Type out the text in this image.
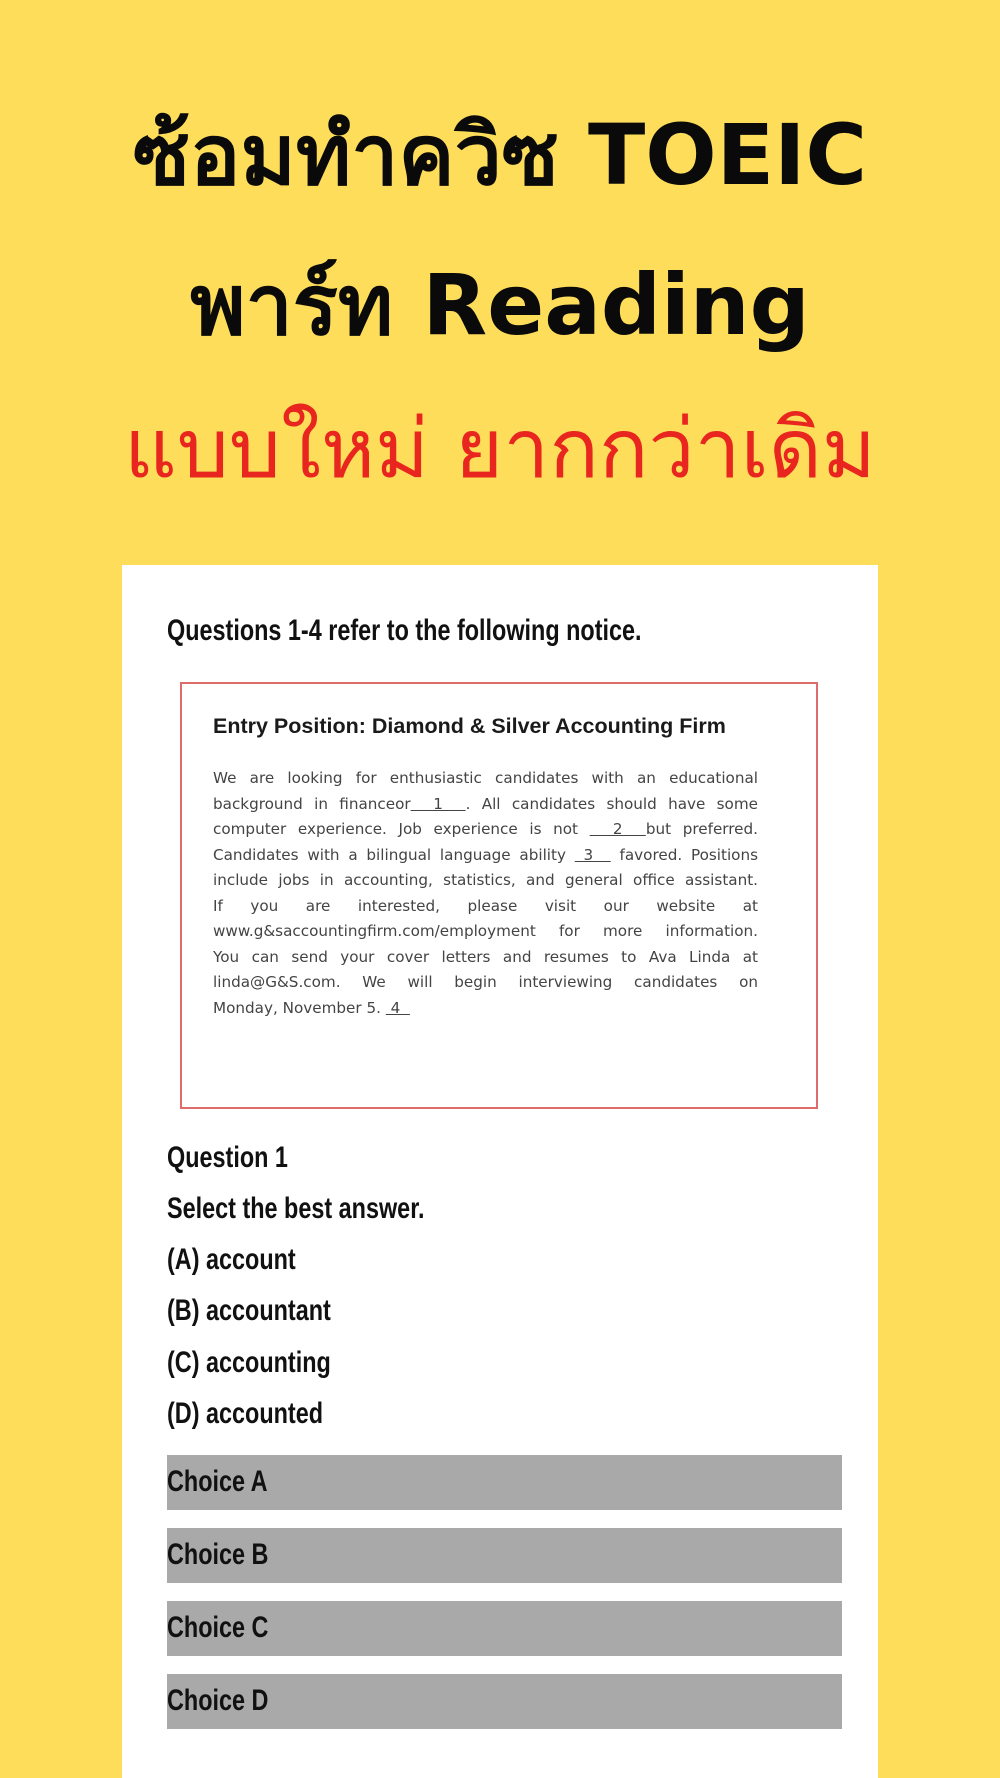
ซ้อมทำควิซ TOEIC
พาร์ท Reading
แบบใหม่ ยากกว่าเดิม
Questions 1-4 refer to the following notice.
Entry Position: Diamond & Silver Accounting Firm
We are looking for enthusiastic candidates with an educational
background in financeor  1  . All candidates should have some
computer experience. Job experience is not   2  but preferred.
Candidates with a bilingual language ability  3   favored. Positions
include jobs in accounting, statistics, and general office assistant.
If you are interested, please visit our website at
www.g&saccountingfirm.com/employment for more information.
You can send your cover letters and resumes to Ava Linda at
linda@G&S.com. We will begin interviewing candidates on
Monday, November 5.  4
Question 1
Select the best answer.
(A) account
(B) accountant
(C) accounting
(D) accounted
Choice A
Choice B
Choice C
Choice D
